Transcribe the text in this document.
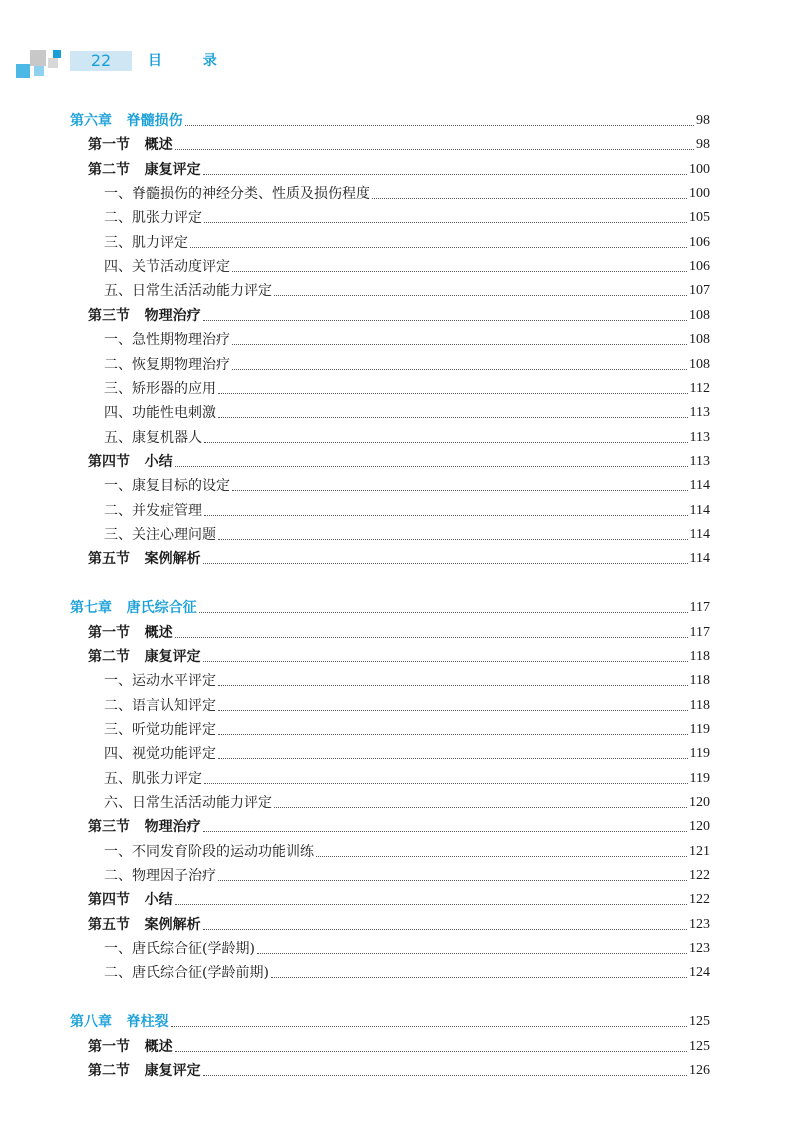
22	目 录
第六章   脊髓损伤	98
第一节   概述	98
第二节   康复评定	100
一、脊髓损伤的神经分类、性质及损伤程度	100
二、肌张力评定	105
三、肌力评定	106
四、关节活动度评定	106
五、日常生活活动能力评定	107
第三节   物理治疗	108
一、急性期物理治疗	108
二、恢复期物理治疗	108
三、矫形器的应用	112
四、功能性电刺激	113
五、康复机器人	113
第四节   小结	113
一、康复目标的设定	114
二、并发症管理	114
三、关注心理问题	114
第五节   案例解析	114
第七章   唐氏综合征	117
第一节   概述	117
第二节   康复评定	118
一、运动水平评定	118
二、语言认知评定	118
三、听觉功能评定	119
四、视觉功能评定	119
五、肌张力评定	119
六、日常生活活动能力评定	120
第三节   物理治疗	120
一、不同发育阶段的运动功能训练	121
二、物理因子治疗	122
第四节   小结	122
第五节   案例解析	123
一、唐氏综合征(学龄期)	123
二、唐氏综合征(学龄前期)	124
第八章   脊柱裂	125
第一节   概述	125
第二节   康复评定	126
